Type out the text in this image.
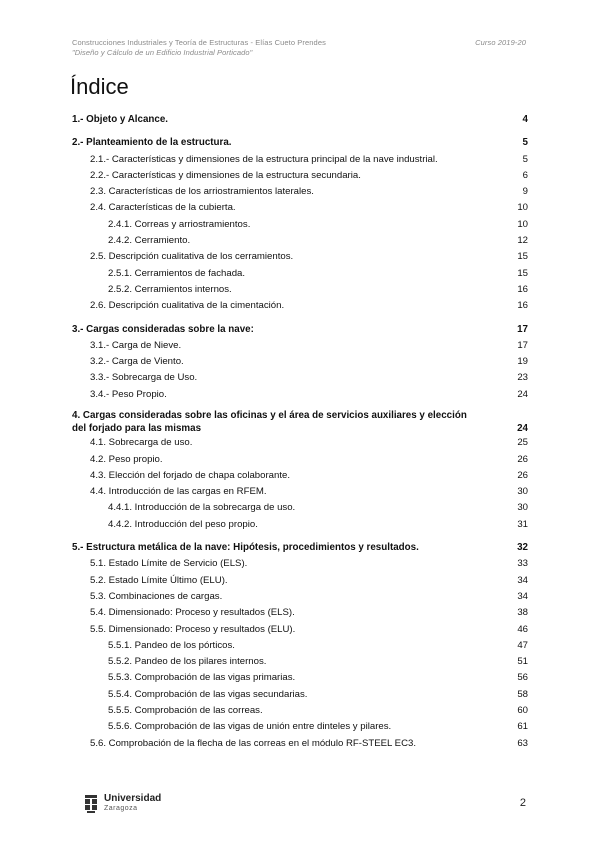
Construcciones Industriales y Teoría de Estructuras - Elías Cueto Prendes
"Diseño y Cálculo de un Edificio Industrial Porticado"
Curso 2019-20
Índice
1.- Objeto y Alcance.	4
2.- Planteamiento de la estructura.	5
2.1.- Características y dimensiones de la estructura principal de la nave industrial.	5
2.2.- Características y dimensiones de la estructura secundaria.	6
2.3. Características de los arriostramientos laterales.	9
2.4. Características de la cubierta.	10
2.4.1. Correas y arriostramientos.	10
2.4.2. Cerramiento.	12
2.5. Descripción cualitativa de los cerramientos.	15
2.5.1. Cerramientos de fachada.	15
2.5.2. Cerramientos internos.	16
2.6. Descripción cualitativa de la cimentación.	16
3.- Cargas consideradas sobre la nave:	17
3.1.- Carga de Nieve.	17
3.2.- Carga de Viento.	19
3.3.- Sobrecarga de Uso.	23
3.4.- Peso Propio.	24
4. Cargas consideradas sobre las oficinas y el área de servicios auxiliares y elección
del forjado para las mismas	24
4.1. Sobrecarga de uso.	25
4.2. Peso propio.	26
4.3. Elección del forjado de chapa colaborante.	26
4.4. Introducción de las cargas en RFEM.	30
4.4.1. Introducción de la sobrecarga de uso.	30
4.4.2. Introducción del peso propio.	31
5.- Estructura metálica de la nave: Hipótesis, procedimientos y resultados.	32
5.1. Estado Límite de Servicio (ELS).	33
5.2. Estado Límite Último (ELU).	34
5.3. Combinaciones de cargas.	34
5.4. Dimensionado: Proceso y resultados (ELS).	38
5.5. Dimensionado: Proceso y resultados (ELU).	46
5.5.1. Pandeo de los pórticos.	47
5.5.2. Pandeo de los pilares internos.	51
5.5.3. Comprobación de las vigas primarias.	56
5.5.4. Comprobación de las vigas secundarias.	58
5.5.5. Comprobación de las correas.	60
5.5.6. Comprobación de las vigas de unión entre dinteles y pilares.	61
5.6. Comprobación de la flecha de las correas en el módulo RF-STEEL EC3.	63
Universidad
Zaragoza	2
